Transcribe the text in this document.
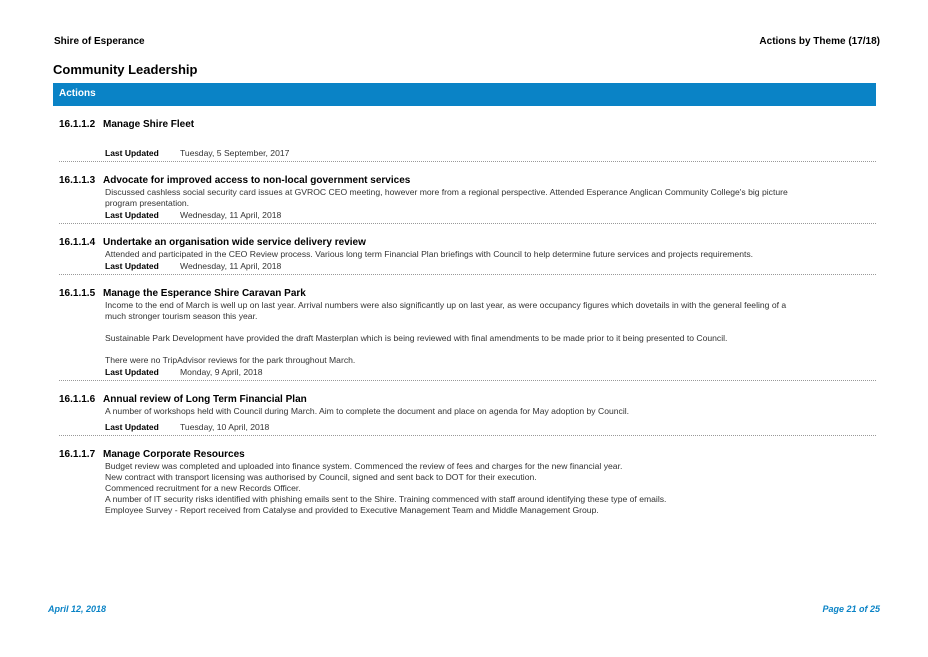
Shire of Esperance	Actions by Theme (17/18)
Community Leadership
Actions
16.1.1.2 Manage Shire Fleet
Last Updated Tuesday, 5 September, 2017
16.1.1.3 Advocate for improved access to non-local government services

Discussed cashless social security card issues at GVROC CEO meeting, however more from a regional perspective. Attended Esperance Anglican Community College's big picture program presentation.

Last Updated Wednesday, 11 April, 2018
16.1.1.4 Undertake an organisation wide service delivery review

Attended and participated in the CEO Review process. Various long term Financial Plan briefings with Council to help determine future services and projects requirements.

Last Updated Wednesday, 11 April, 2018
16.1.1.5 Manage the Esperance Shire Caravan Park

Income to the end of March is well up on last year. Arrival numbers were also significantly up on last year, as were occupancy figures which dovetails in with the general feeling of a much stronger tourism season this year.

Sustainable Park Development have provided the draft Masterplan which is being reviewed with final amendments to be made prior to it being presented to Council.

There were no TripAdvisor reviews for the park throughout March.

Last Updated Monday, 9 April, 2018
16.1.1.6 Annual review of Long Term Financial Plan

A number of workshops held with Council during March. Aim to complete the document and place on agenda for May adoption by Council.

Last Updated Tuesday, 10 April, 2018
16.1.1.7 Manage Corporate Resources

Budget review was completed and uploaded into finance system. Commenced the review of fees and charges for the new financial year.

New contract with transport licensing was authorised by Council, signed and sent back to DOT for their execution.

Commenced recruitment for a new Records Officer.

A number of IT security risks identified with phishing emails sent to the Shire. Training commenced with staff around identifying these type of emails.

Employee Survey - Report received from Catalyse and provided to Executive Management Team and Middle Management Group.

April 12, 2018	Page 21 of 25
